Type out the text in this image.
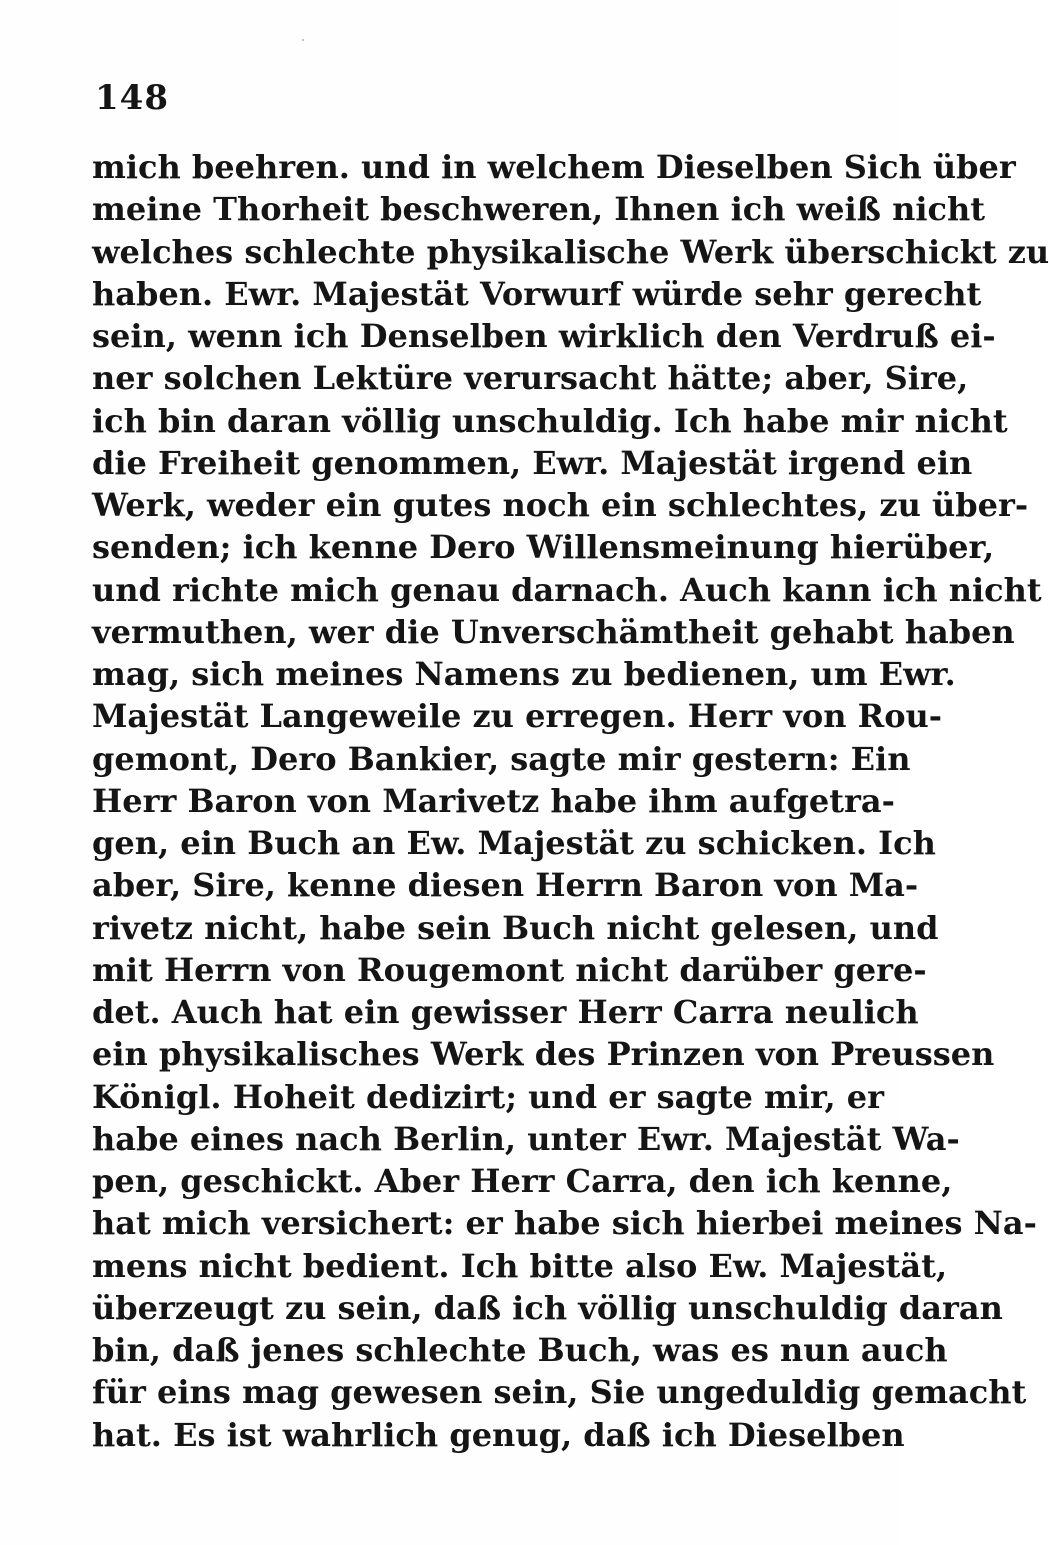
148
mich beehren. und in welchem Dieselben Sich über
meine Thorheit beschweren, Ihnen ich weiß nicht
welches schlechte physikalische Werk überschickt zu
haben. Ewr. Majestät Vorwurf würde sehr gerecht
sein, wenn ich Denselben wirklich den Verdruß ei-
ner solchen Lektüre verursacht hätte; aber, Sire,
ich bin daran völlig unschuldig. Ich habe mir nicht
die Freiheit genommen, Ewr. Majestät irgend ein
Werk, weder ein gutes noch ein schlechtes, zu über-
senden; ich kenne Dero Willensmeinung hierüber,
und richte mich genau darnach. Auch kann ich nicht
vermuthen, wer die Unverschämtheit gehabt haben
mag, sich meines Namens zu bedienen, um Ewr.
Majestät Langeweile zu erregen. Herr von Rou-
gemont, Dero Bankier, sagte mir gestern: Ein
Herr Baron von Marivetz habe ihm aufgetra-
gen, ein Buch an Ew. Majestät zu schicken. Ich
aber, Sire, kenne diesen Herrn Baron von Ma-
rivetz nicht, habe sein Buch nicht gelesen, und
mit Herrn von Rougemont nicht darüber gere-
det. Auch hat ein gewisser Herr Carra neulich
ein physikalisches Werk des Prinzen von Preussen
Königl. Hoheit dedizirt; und er sagte mir, er
habe eines nach Berlin, unter Ewr. Majestät Wa-
pen, geschickt. Aber Herr Carra, den ich kenne,
hat mich versichert: er habe sich hierbei meines Na-
mens nicht bedient. Ich bitte also Ew. Majestät,
überzeugt zu sein, daß ich völlig unschuldig daran
bin, daß jenes schlechte Buch, was es nun auch
für eins mag gewesen sein, Sie ungeduldig gemacht
hat. Es ist wahrlich genug, daß ich Dieselben
